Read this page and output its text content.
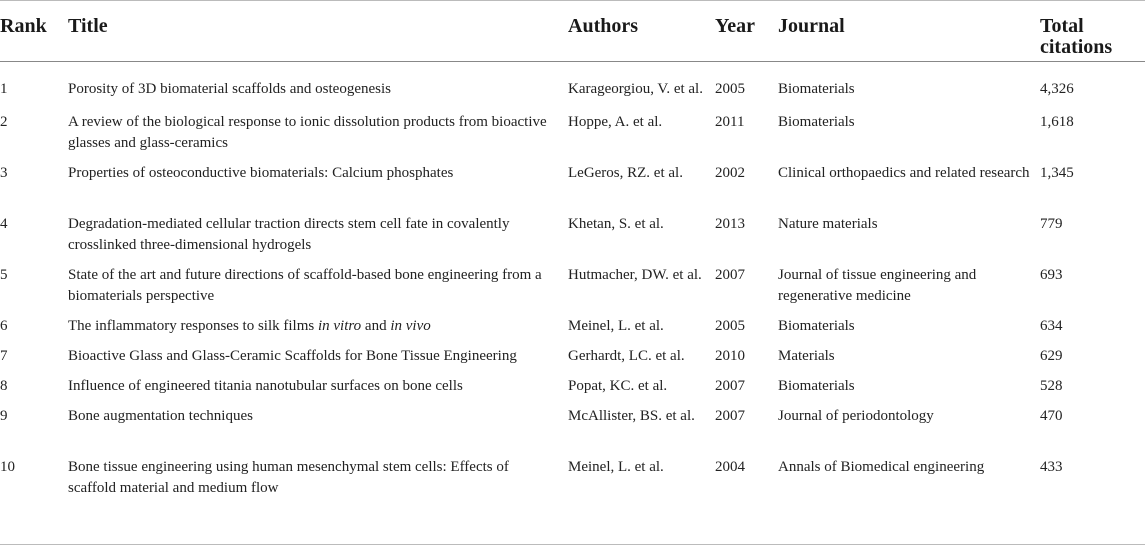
Rank	Title	Authors	Year	Journal	Total citations
1	Porosity of 3D biomaterial scaffolds and osteogenesis	Karageorgiou, V. et al.	2005	Biomaterials	4,326
2	A review of the biological response to ionic dissolution products from bioactive glasses and glass-ceramics	Hoppe, A. et al.	2011	Biomaterials	1,618
3	Properties of osteoconductive biomaterials: Calcium phosphates	LeGeros, RZ. et al.	2002	Clinical orthopaedics and related research	1,345
4	Degradation-mediated cellular traction directs stem cell fate in covalently crosslinked three-dimensional hydrogels	Khetan, S. et al.	2013	Nature materials	779
5	State of the art and future directions of scaffold-based bone engineering from a biomaterials perspective	Hutmacher, DW. et al.	2007	Journal of tissue engineering and regenerative medicine	693
6	The inflammatory responses to silk films in vitro and in vivo	Meinel, L. et al.	2005	Biomaterials	634
7	Bioactive Glass and Glass-Ceramic Scaffolds for Bone Tissue Engineering	Gerhardt, LC. et al.	2010	Materials	629
8	Influence of engineered titania nanotubular surfaces on bone cells	Popat, KC. et al.	2007	Biomaterials	528
9	Bone augmentation techniques	McAllister, BS. et al.	2007	Journal of periodontology	470
10	Bone tissue engineering using human mesenchymal stem cells: Effects of scaffold material and medium flow	Meinel, L. et al.	2004	Annals of Biomedical engineering	433
